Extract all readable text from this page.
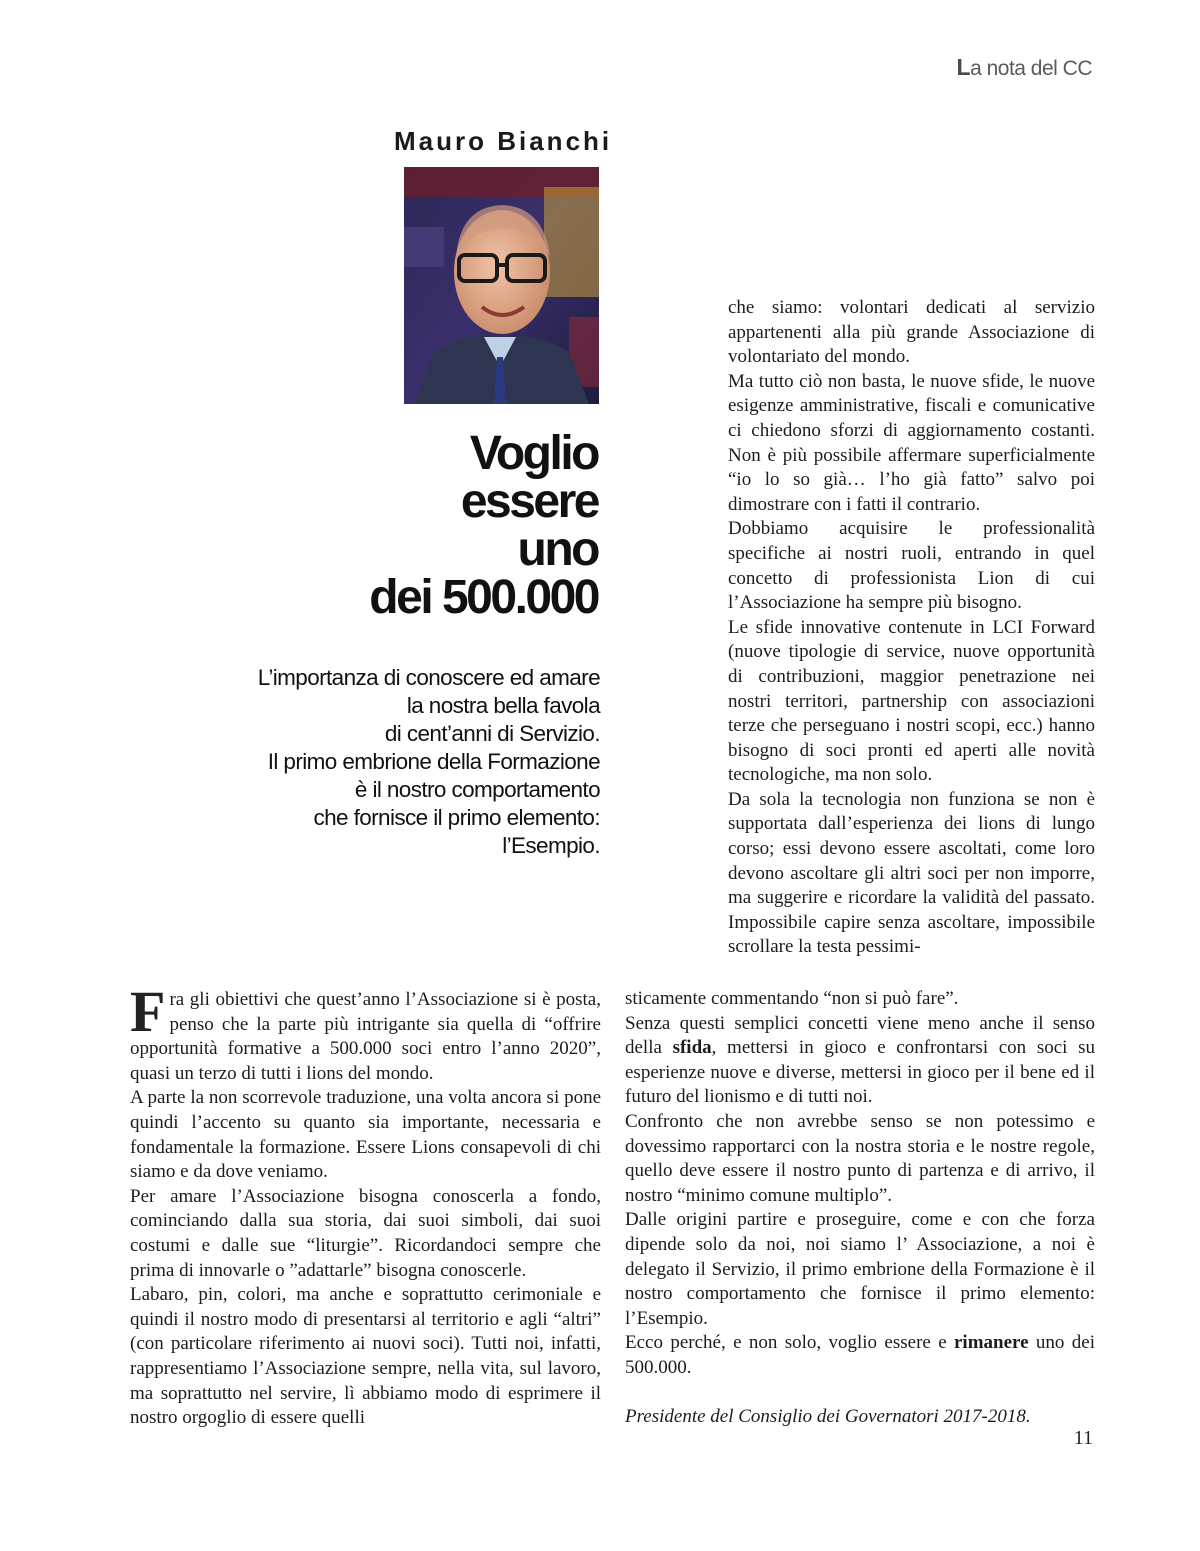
La nota del CC
Mauro Bianchi
Voglio
essere
uno
dei 500.000
L’importanza di conoscere ed amare
la nostra bella favola
di cent’anni di Servizio.
Il primo embrione della Formazione
è il nostro comportamento
che fornisce il primo elemento:
l’Esempio.

che siamo: volontari dedicati al servizio appartenenti alla più grande Associazione di volontariato del mondo.

Ma tutto ciò non basta, le nuove sfide, le nuove esigenze amministrative, fiscali e comunicative ci chiedono sforzi di aggiornamento costanti. Non è più possibile affermare superficialmente “io lo so già… l’ho già fatto” salvo poi dimostrare con i fatti il contrario.

Dobbiamo acquisire le professionalità specifiche ai nostri ruoli, entrando in quel concetto di professionista Lion di cui l’Associazione ha sempre più bisogno.

Le sfide innovative contenute in LCI Forward (nuove tipologie di service, nuove opportunità di contribuzioni, maggior penetrazione nei nostri territori, partnership con associazioni terze che perseguano i nostri scopi, ecc.) hanno bisogno di soci pronti ed aperti alle novità tecnologiche, ma non solo.

Da sola la tecnologia non funziona se non è supportata dall’esperienza dei lions di lungo corso; essi devono essere ascoltati, come loro devono ascoltare gli altri soci per non imporre, ma suggerire e ricordare la validità del passato. Impossibile capire senza ascoltare, impossibile scrollare la testa pessimi-

sticamente commentando “non si può fare”.

Senza questi semplici concetti viene meno anche il senso della sfida, mettersi in gioco e confrontarsi con soci su esperienze nuove e diverse, mettersi in gioco per il bene ed il futuro del lionismo e di tutti noi.

Confronto che non avrebbe senso se non potessimo e dovessimo rapportarci con la nostra storia e le nostre regole, quello deve essere il nostro punto di partenza e di arrivo, il nostro “minimo comune multiplo”.

Dalle origini partire e proseguire, come e con che forza dipende solo da noi, noi siamo l’ Associazione, a noi è delegato il Servizio, il primo embrione della Formazione è il nostro comportamento che fornisce il primo elemento: l’Esempio.

Ecco perché, e non solo, voglio essere e rimanere uno dei 500.000.

Presidente del Consiglio dei Governatori 2017-2018.

Fra gli obiettivi che quest’anno l’Associazione si è posta, penso che la parte più intrigante sia quella di “offrire opportunità formative a 500.000 soci entro l’anno 2020”, quasi un terzo di tutti i lions del mondo.

A parte la non scorrevole traduzione, una volta ancora si pone quindi l’accento su quanto sia importante, necessaria e fondamentale la formazione. Essere Lions consapevoli di chi siamo e da dove veniamo.

Per amare l’Associazione bisogna conoscerla a fondo, cominciando dalla sua storia, dai suoi simboli, dai suoi costumi e dalle sue “liturgie”. Ricordandoci sempre che prima di innovarle o ”adattarle” bisogna conoscerle.

Labaro, pin, colori, ma anche e soprattutto cerimoniale e quindi il nostro modo di presentarsi al territorio e agli “altri” (con particolare riferimento ai nuovi soci). Tutti noi, infatti, rappresentiamo l’Associazione sempre, nella vita, sul lavoro, ma soprattutto nel servire, lì abbiamo modo di esprimere il nostro orgoglio di essere quelli

11
